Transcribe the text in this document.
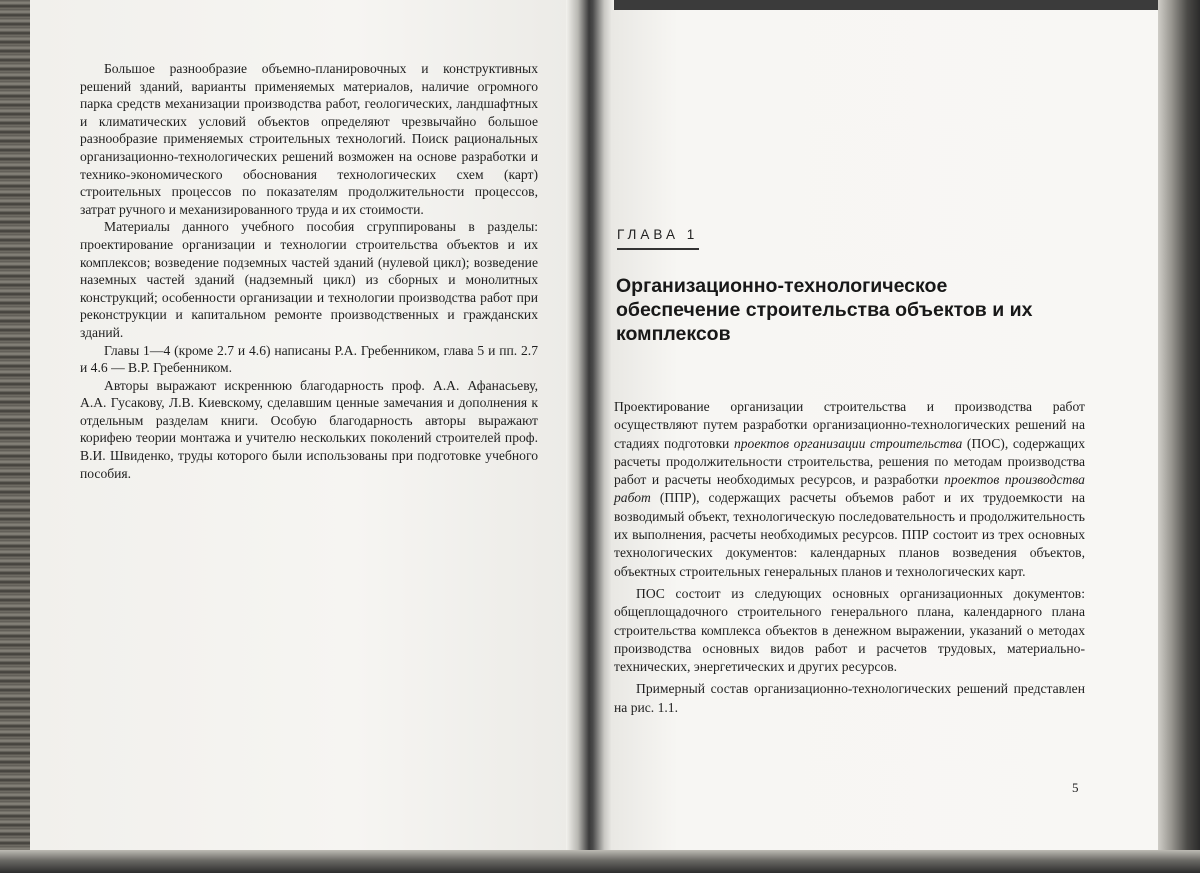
Большое разнообразие объемно-планировочных и конструктивных решений зданий, варианты применяемых материалов, наличие огромного парка средств механизации производства работ, геологических, ландшафтных и климатических условий объектов определяют чрезвычайно большое разнообразие применяемых строительных технологий. Поиск рациональных организационно-технологических решений возможен на основе разработки и технико-экономического обоснования технологических схем (карт) строительных процессов по показателям продолжительности процессов, затрат ручного и механизированного труда и их стоимости.

Материалы данного учебного пособия сгруппированы в разделы: проектирование организации и технологии строительства объектов и их комплексов; возведение подземных частей зданий (нулевой цикл); возведение наземных частей зданий (надземный цикл) из сборных и монолитных конструкций; особенности организации и технологии производства работ при реконструкции и капитальном ремонте производственных и гражданских зданий.

Главы 1—4 (кроме 2.7 и 4.6) написаны Р.А. Гребенником, глава 5 и пп. 2.7 и 4.6 — В.Р. Гребенником.

Авторы выражают искреннюю благодарность проф. А.А. Афанасьеву, А.А. Гусакову, Л.В. Киевскому, сделавшим ценные замечания и дополнения к отдельным разделам книги. Особую благодарность авторы выражают корифею теории монтажа и учителю нескольких поколений строителей проф. В.И. Швиденко, труды которого были использованы при подготовке учебного пособия.

ГЛАВА 1
Организационно-технологическое обеспечение строительства объектов и их комплексов

Проектирование организации строительства и производства работ осуществляют путем разработки организационно-технологических решений на стадиях подготовки проектов организации строительства (ПОС), содержащих расчеты продолжительности строительства, решения по методам производства работ и расчеты необходимых ресурсов, и разработки проектов производства работ (ППР), содержащих расчеты объемов работ и их трудоемкости на возводимый объект, технологическую последовательность и продолжительность их выполнения, расчеты необходимых ресурсов. ППР состоит из трех основных технологических документов: календарных планов возведения объектов, объектных строительных генеральных планов и технологических карт.

ПОС состоит из следующих основных организационных документов: общеплощадочного строительного генерального плана, календарного плана строительства комплекса объектов в денежном выражении, указаний о методах производства основных видов работ и расчетов трудовых, материально-технических, энергетических и других ресурсов.

Примерный состав организационно-технологических решений представлен на рис. 1.1.

5
